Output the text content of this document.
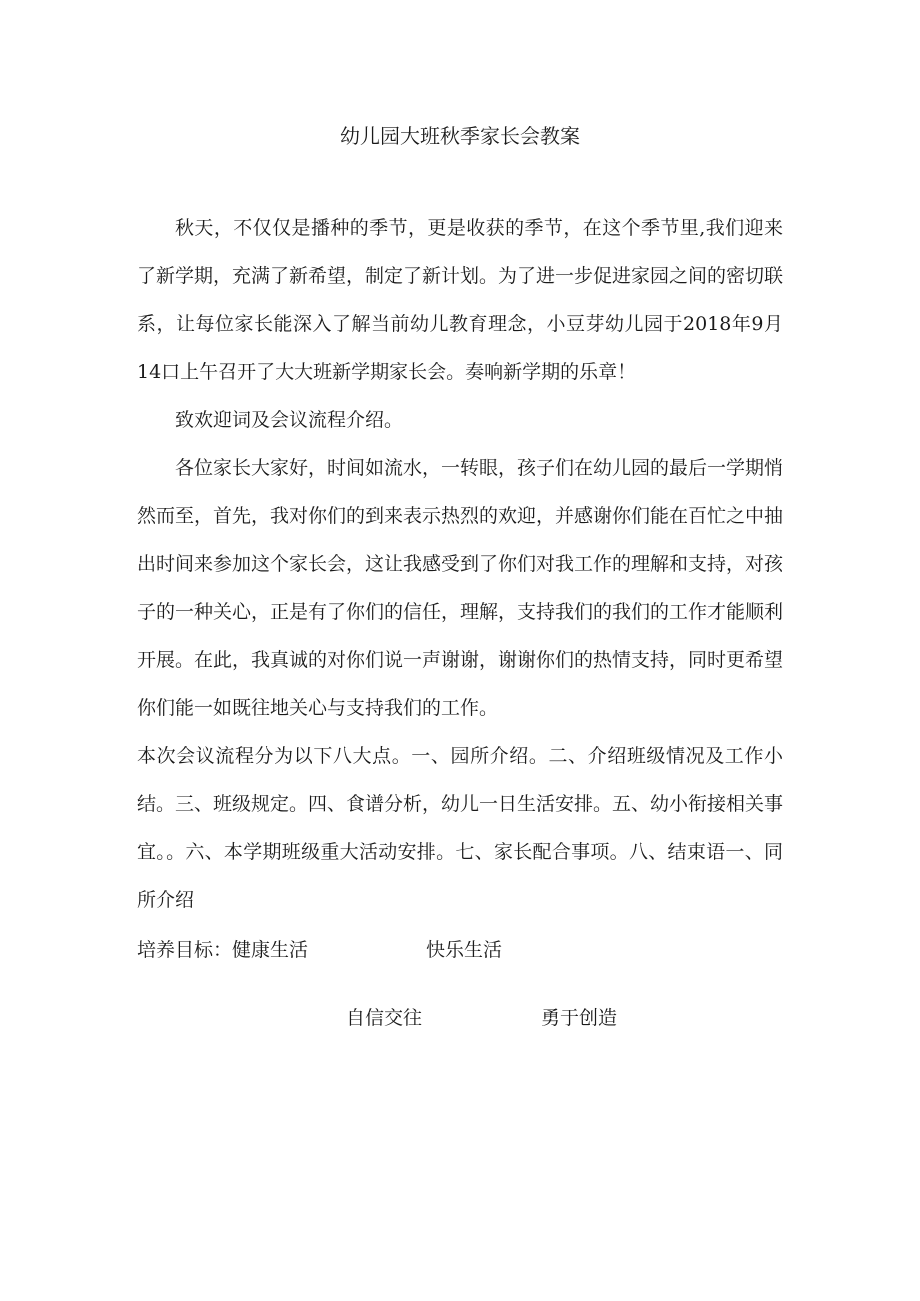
幼儿园大班秋季家长会教案

秋天，不仅仅是播种的季节，更是收获的季节，在这个季节里,我们迎来了新学期，充满了新希望，制定了新计划。为了进一步促进家园之间的密切联系，让每位家长能深入了解当前幼儿教育理念，小豆芽幼儿园于2018年9月14口上午召开了大大班新学期家长会。奏响新学期的乐章！

致欢迎词及会议流程介绍。

各位家长大家好，时间如流水，一转眼，孩子们在幼儿园的最后一学期悄然而至，首先，我对你们的到来表示热烈的欢迎，并感谢你们能在百忙之中抽出时间来参加这个家长会，这让我感受到了你们对我工作的理解和支持，对孩子的一种关心，正是有了你们的信任，理解，支持我们的我们的工作才能顺利开展。在此，我真诚的对你们说一声谢谢，谢谢你们的热情支持，同时更希望你们能一如既往地关心与支持我们的工作。

本次会议流程分为以下八大点。一、园所介绍。二、介绍班级情况及工作小结。三、班级规定。四、食谱分析，幼儿一日生活安排。五、幼小衔接相关事宜。。六、本学期班级重大活动安排。七、家长配合事项。八、结束语一、同所介绍

培养目标：健康生活	快乐生活
自信交往	勇于创造
